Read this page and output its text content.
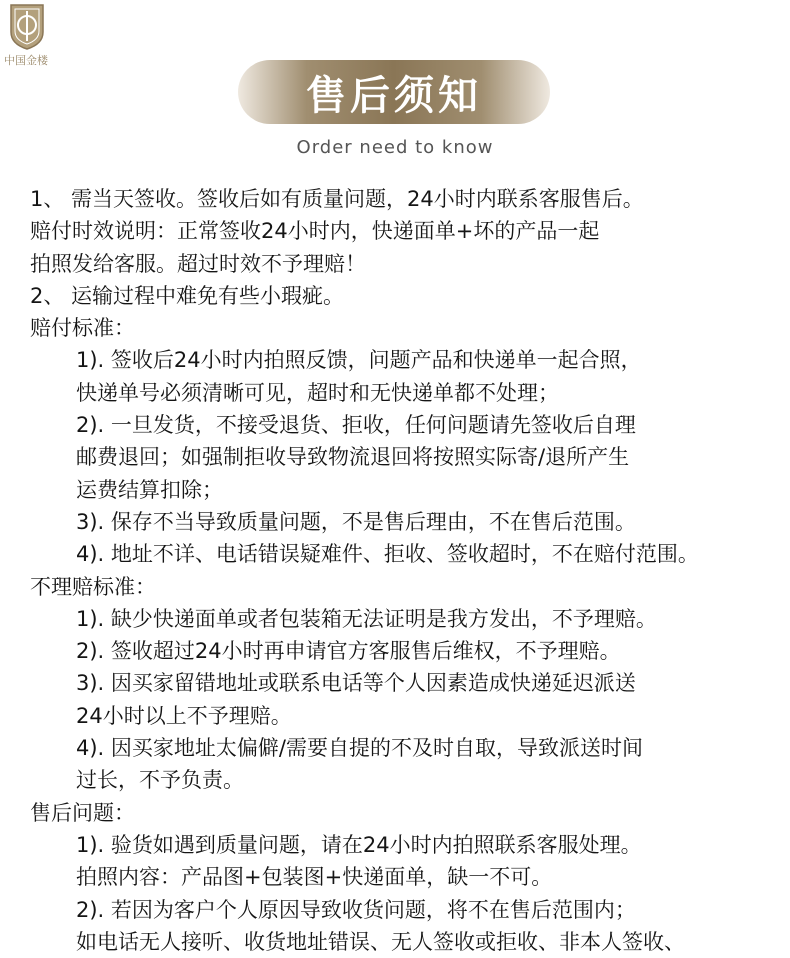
中国金楼
售后须知
Order need to know
1、 需当天签收。签收后如有质量问题，24小时内联系客服售后。
赔付时效说明：正常签收24小时内，快递面单+坏的产品一起
拍照发给客服。超过时效不予理赔！
2、 运输过程中难免有些小瑕疵。
赔付标准：
1). 签收后24小时内拍照反馈，问题产品和快递单一起合照，
快递单号必须清晰可见，超时和无快递单都不处理；
2). 一旦发货，不接受退货、拒收，任何问题请先签收后自理
邮费退回；如强制拒收导致物流退回将按照实际寄/退所产生
运费结算扣除；
3). 保存不当导致质量问题，不是售后理由，不在售后范围。
4). 地址不详、电话错误疑难件、拒收、签收超时，不在赔付范围。
不理赔标准：
1). 缺少快递面单或者包装箱无法证明是我方发出，不予理赔。
2). 签收超过24小时再申请官方客服售后维权，不予理赔。
3). 因买家留错地址或联系电话等个人因素造成快递延迟派送
24小时以上不予理赔。
4). 因买家地址太偏僻/需要自提的不及时自取，导致派送时间
过长，不予负责。
售后问题：
1). 验货如遇到质量问题，请在24小时内拍照联系客服处理。
拍照内容：产品图+包装图+快递面单，缺一不可。
2). 若因为客户个人原因导致收货问题，将不在售后范围内；
如电话无人接听、收货地址错误、无人签收或拒收、非本人签收、
